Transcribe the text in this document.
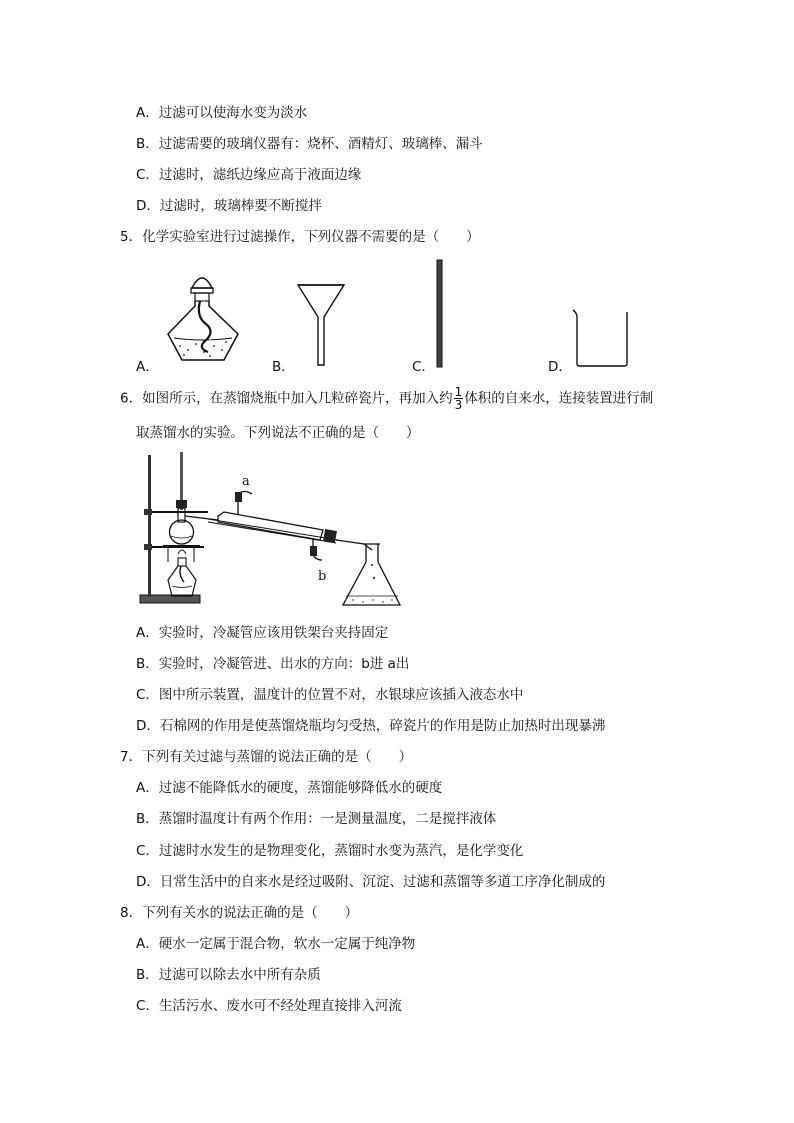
A．过滤可以使海水变为淡水
B．过滤需要的玻璃仪器有：烧杯、酒精灯、玻璃棒、漏斗
C．过滤时，滤纸边缘应高于液面边缘
D．过滤时，玻璃棒要不断搅拌
5．化学实验室进行过滤操作，下列仪器不需要的是（　　）
A．	B．	C．	D．
6．如图所示，在蒸馏烧瓶中加入几粒碎瓷片，再加入约 $\frac{1}{3}$ 体积的自来水，连接装置进行制
取蒸馏水的实验。下列说法不正确的是（　　）
a
b
A．实验时，冷凝管应该用铁架台夹持固定
B．实验时，冷凝管进、出水的方向：b进 a出
C．图中所示装置，温度计的位置不对，水银球应该插入液态水中
D．石棉网的作用是使蒸馏烧瓶均匀受热，碎瓷片的作用是防止加热时出现暴沸
7．下列有关过滤与蒸馏的说法正确的是（　　）
A．过滤不能降低水的硬度，蒸馏能够降低水的硬度
B．蒸馏时温度计有两个作用：一是测量温度，二是搅拌液体
C．过滤时水发生的是物理变化，蒸馏时水变为蒸汽，是化学变化
D．日常生活中的自来水是经过吸附、沉淀、过滤和蒸馏等多道工序净化制成的
8．下列有关水的说法正确的是（　　）
A．硬水一定属于混合物，软水一定属于纯净物
B．过滤可以除去水中所有杂质
C．生活污水、废水可不经处理直接排入河流
